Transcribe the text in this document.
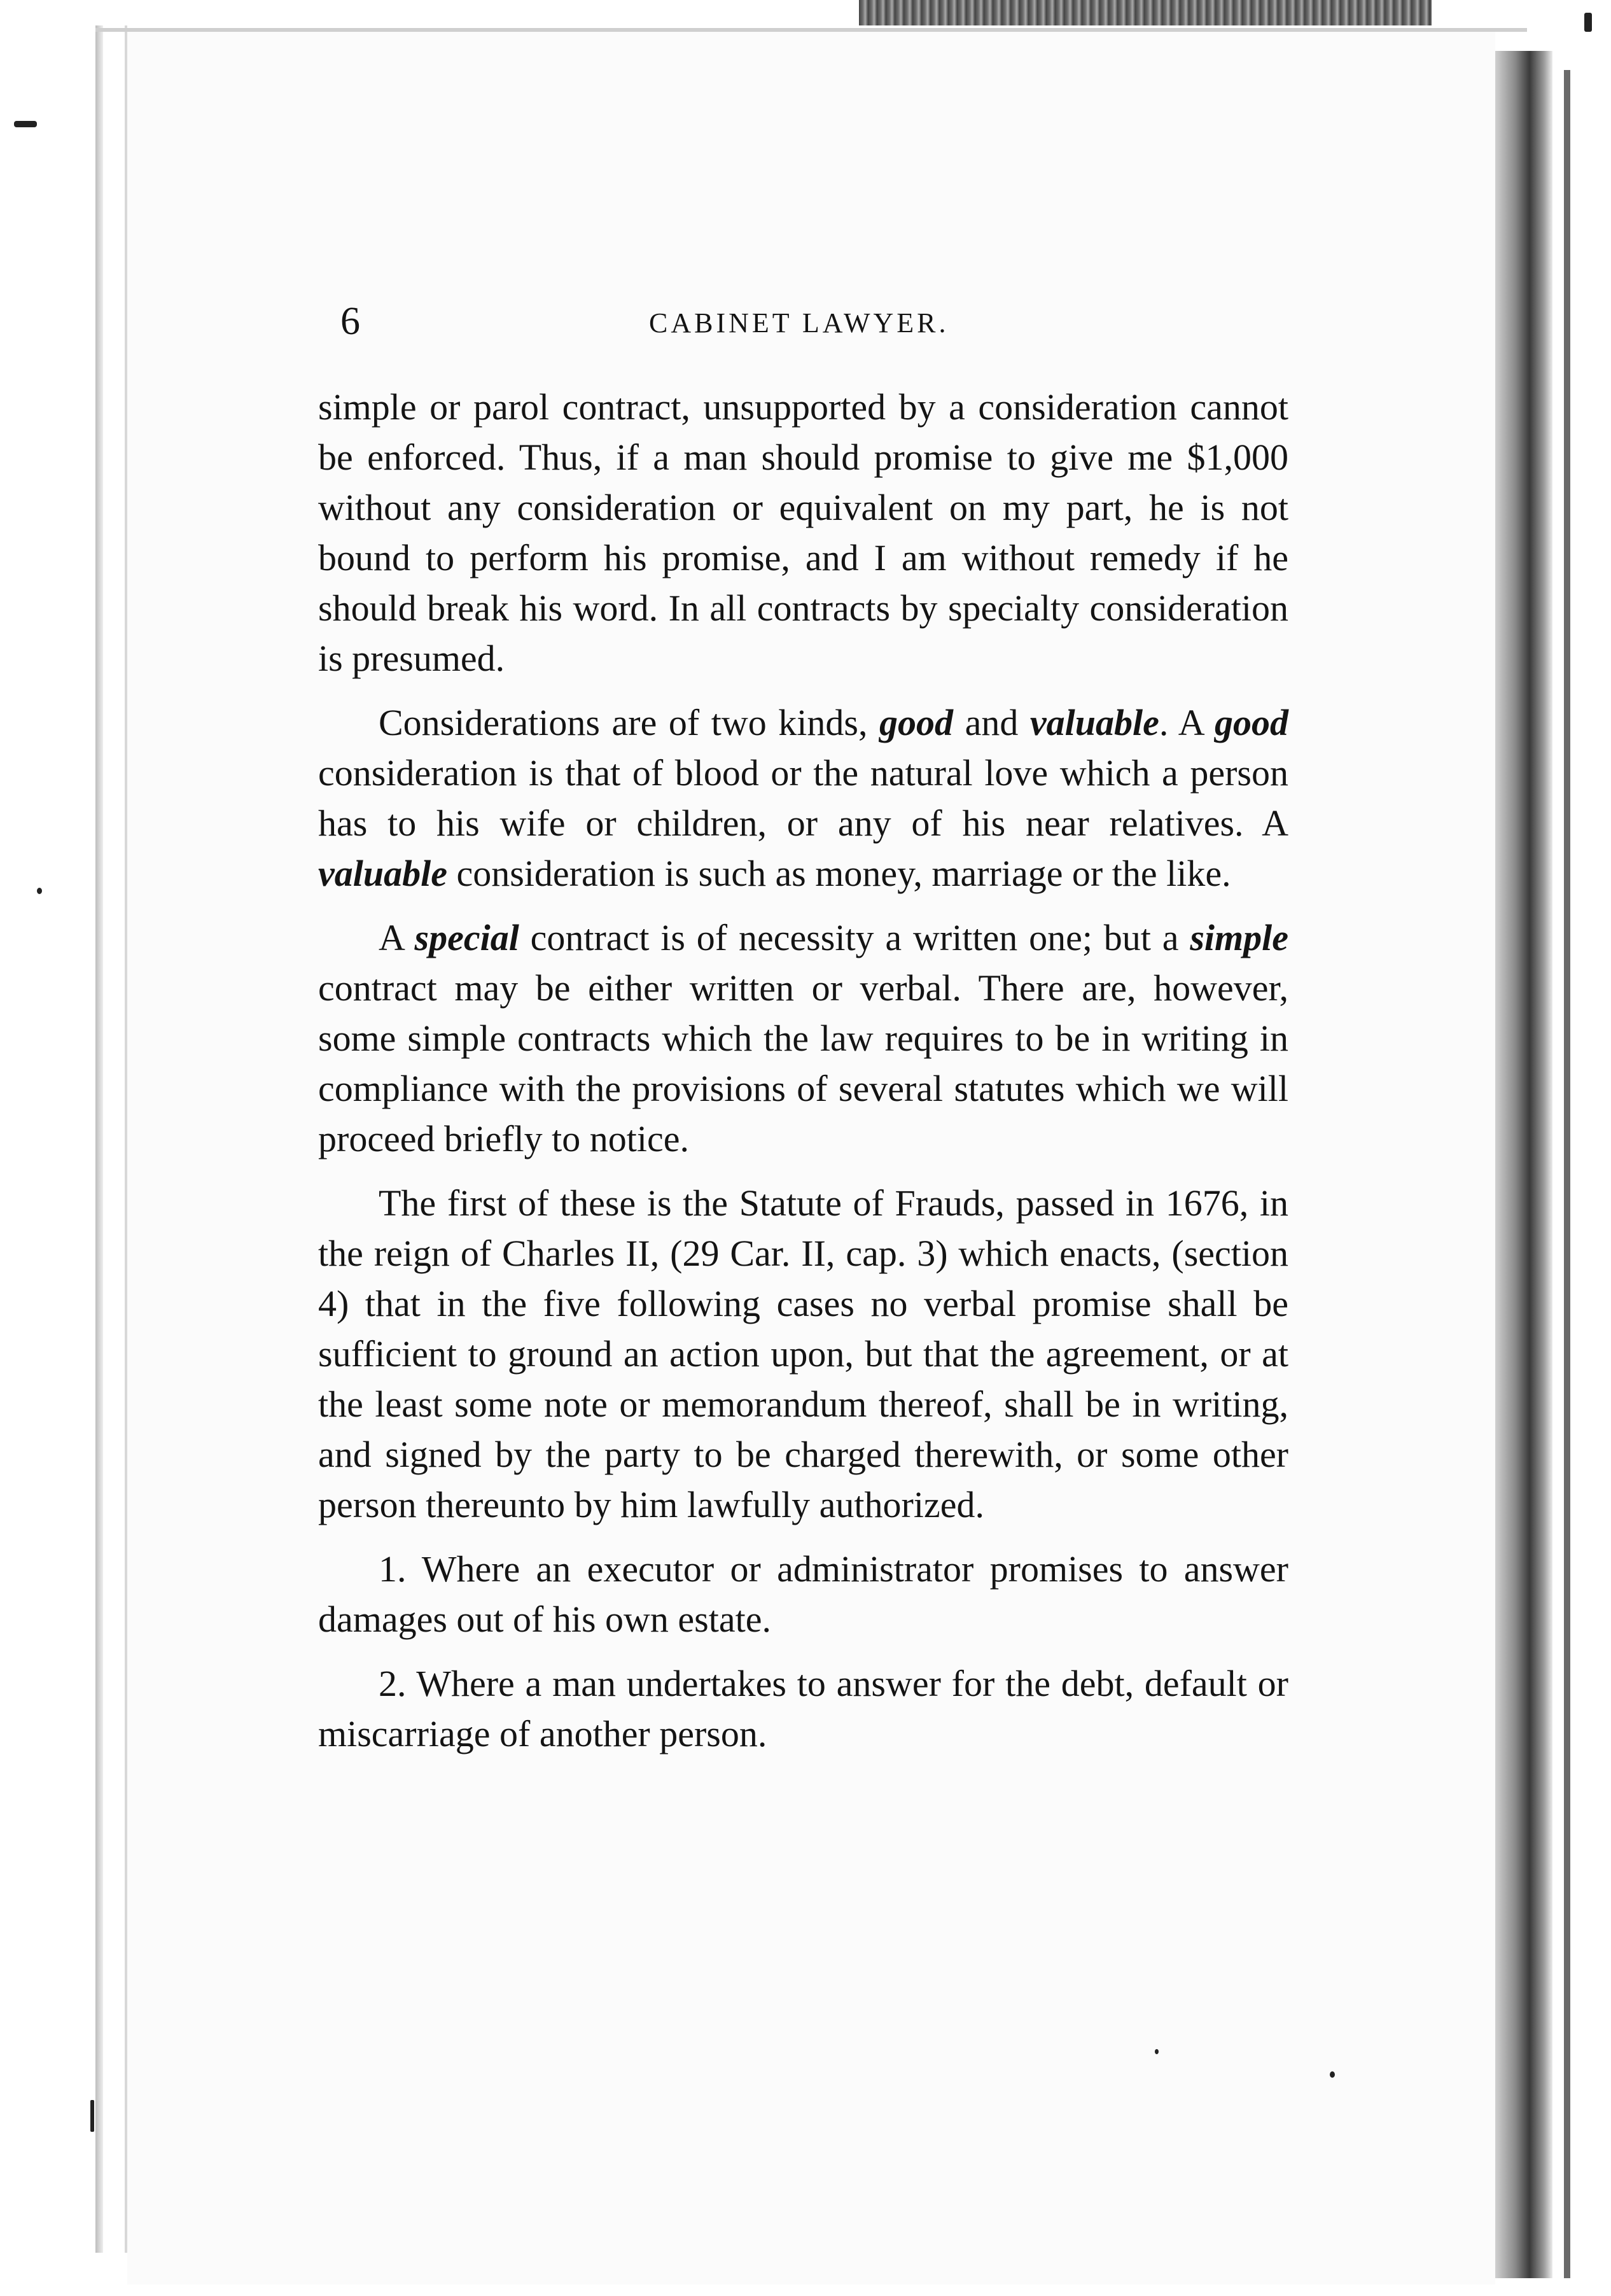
6	CABINET LAWYER.

simple or parol contract, unsupported by a consideration cannot be enforced. Thus, if a man should promise to give me $1,000 without any consideration or equivalent on my part, he is not bound to perform his promise, and I am without remedy if he should break his word. In all contracts by specialty consideration is presumed.

Considerations are of two kinds, good and valuable. A good consideration is that of blood or the natural love which a person has to his wife or children, or any of his near relatives. A valuable consideration is such as money, marriage or the like.

A special contract is of necessity a written one; but a simple contract may be either written or verbal. There are, however, some simple contracts which the law requires to be in writing in compliance with the provisions of several statutes which we will proceed briefly to notice.

The first of these is the Statute of Frauds, passed in 1676, in the reign of Charles II, (29 Car. II, cap. 3) which enacts, (section 4) that in the five following cases no verbal promise shall be sufficient to ground an action upon, but that the agreement, or at the least some note or memorandum thereof, shall be in writing, and signed by the party to be charged therewith, or some other person thereunto by him lawfully authorized.

1. Where an executor or administrator promises to answer damages out of his own estate.

2. Where a man undertakes to answer for the debt, default or miscarriage of another person.
